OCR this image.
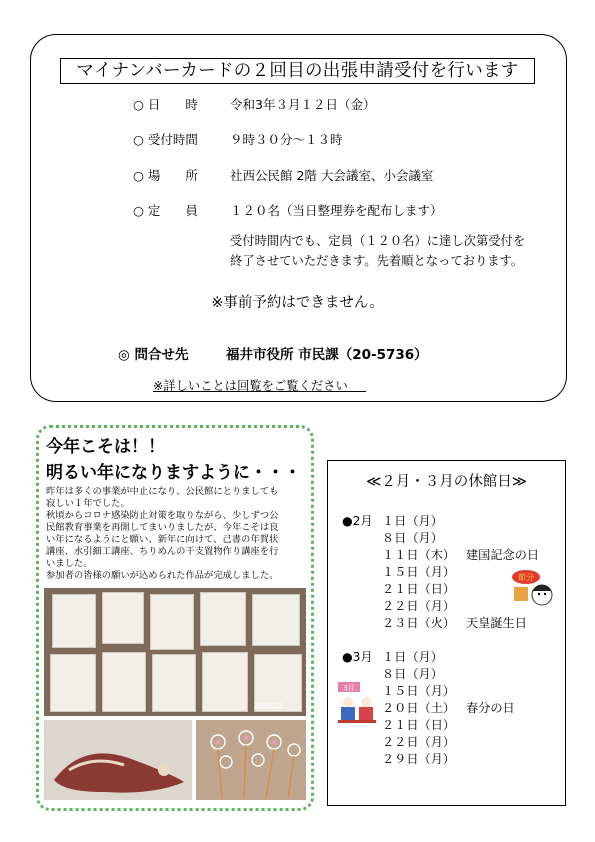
マイナンバーカードの２回目の出張申請受付を行います
○ 日　　時	令和3年３月１２日（金）
○ 受付時間	９時３０分～１３時
○ 場　　所	社西公民館 2階 大会議室、小会議室
○ 定　　員	１２０名（当日整理券を配布します）
受付時間内でも、定員（１２０名）に達し次第受付を
終了させていただきます。先着順となっております。
※事前予約はできません。
◎ 問合せ先	福井市役所 市民課（20-5736）
※詳しいことは回覧をご覧ください
今年こそは！！
明るい年になりますように・・・
昨年は多くの事業が中止になり、公民館にとりましても
寂しい１年でした。
秋頃からコロナ感染防止対策を取りながら、少しずつ公
民館教育事業を再開してまいりましたが、今年こそは良
い年になるようにと願い、新年に向けて、己書の年賀状
講座、水引細工講座、ちりめんの干支置物作り講座を行
いました。
参加者の皆様の願いが込められた作品が完成しました。
2020/12
≪２月・３月の休館日≫
●2月 １日（月）
８日（月）
１１日（木） 建国記念の日
１５日（月）
２１日（日）
２２日（月）
２３日（火） 天皇誕生日
節分
●3月 １日（月）
８日（月）
１５日（月）
２０日（土） 春分の日
２１日（日）
２２日（月）
２９日（月）
3月
